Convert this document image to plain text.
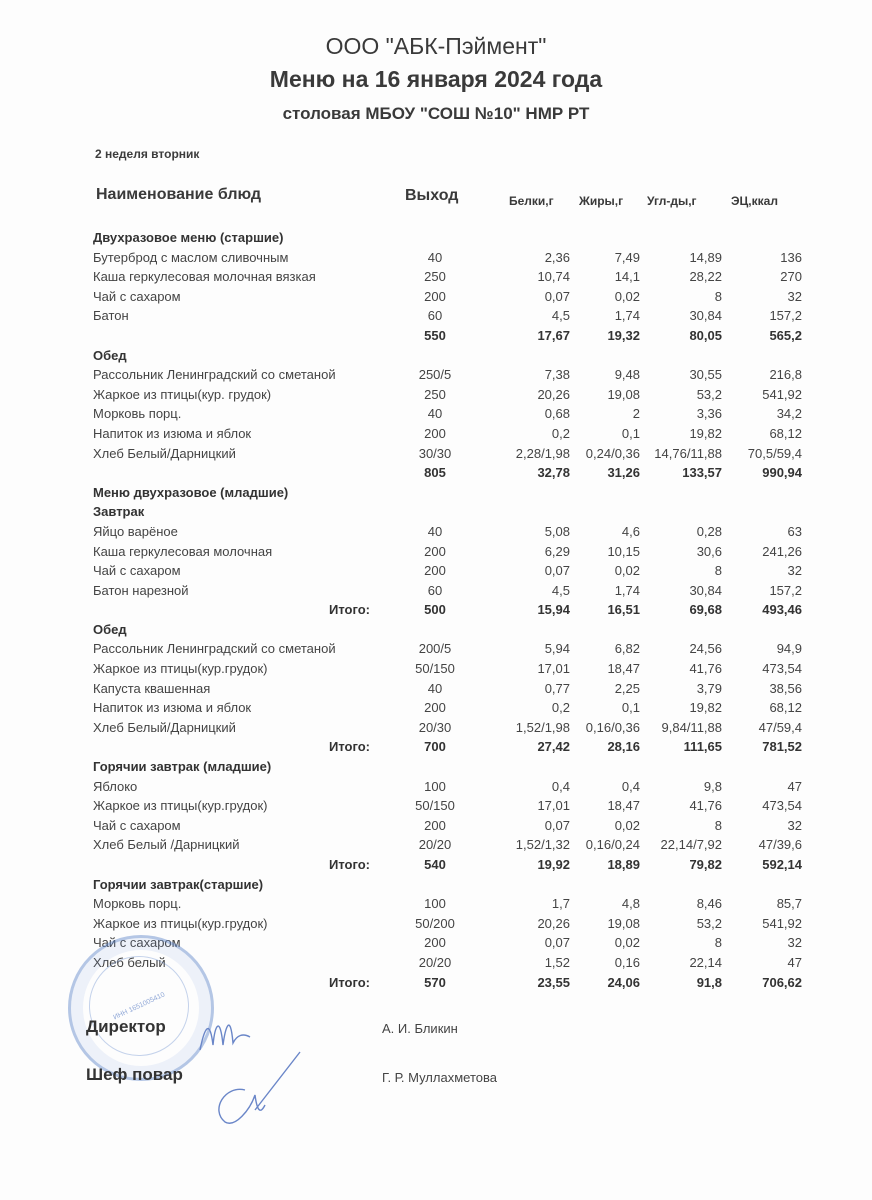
ООО "АБК-Пэймент"
Меню на 16 января 2024 года
столовая МБОУ "СОШ №10" НМР РТ
2 неделя вторник
Наименование блюд	Выход	Белки,г Жиры,г Угл-ды,г	ЭЦ,ккал
Двухразовое меню (старшие)
Бутерброд с маслом сливочным	40	2,36	7,49	14,89	136
Каша геркулесовая молочная вязкая	250	10,74	14,1	28,22	270
Чай с сахаром	200	0,07	0,02	8	32
Батон	60	4,5	1,74	30,84	157,2
550	17,67	19,32	80,05	565,2
Обед
Рассольник Ленинградский со сметаной	250/5	7,38	9,48	30,55	216,8
Жаркое из птицы(кур. грудок)	250	20,26	19,08	53,2	541,92
Морковь порц.	40	0,68	2	3,36	34,2
Напиток из изюма и яблок	200	0,2	0,1	19,82	68,12
Хлеб Белый/Дарницкий	30/30	2,28/1,98	0,24/0,36	14,76/11,88	70,5/59,4
805	32,78	31,26	133,57	990,94
Меню двухразовое (младшие)
Завтрак
Яйцо варёное	40	5,08	4,6	0,28	63
Каша геркулесовая молочная	200	6,29	10,15	30,6	241,26
Чай с сахаром	200	0,07	0,02	8	32
Батон нарезной	60	4,5	1,74	30,84	157,2
Итого:	500	15,94	16,51	69,68	493,46
Обед
Рассольник Ленинградский со сметаной	200/5	5,94	6,82	24,56	94,9
Жаркое из птицы(кур.грудок)	50/150	17,01	18,47	41,76	473,54
Капуста квашенная	40	0,77	2,25	3,79	38,56
Напиток из изюма и яблок	200	0,2	0,1	19,82	68,12
Хлеб Белый/Дарницкий	20/30	1,52/1,98	0,16/0,36	9,84/11,88	47/59,4
Итого:	700	27,42	28,16	111,65	781,52
Горячии завтрак (младшие)
Яблоко	100	0,4	0,4	9,8	47
Жаркое из птицы(кур.грудок)	50/150	17,01	18,47	41,76	473,54
Чай с сахаром	200	0,07	0,02	8	32
Хлеб Белый /Дарницкий	20/20	1,52/1,32	0,16/0,24	22,14/7,92	47/39,6
Итого:	540	19,92	18,89	79,82	592,14
Горячии завтрак(старшие)
Морковь порц.	100	1,7	4,8	8,46	85,7
Жаркое из птицы(кур.грудок)	50/200	20,26	19,08	53,2	541,92
Чай с сахаром	200	0,07	0,02	8	32
Хлеб белый	20/20	1,52	0,16	22,14	47
Итого:	570	23,55	24,06	91,8	706,62
ИНН 1651005410
Директор	А. И. Бликин
Шеф повар	Г. Р. Муллахметова
